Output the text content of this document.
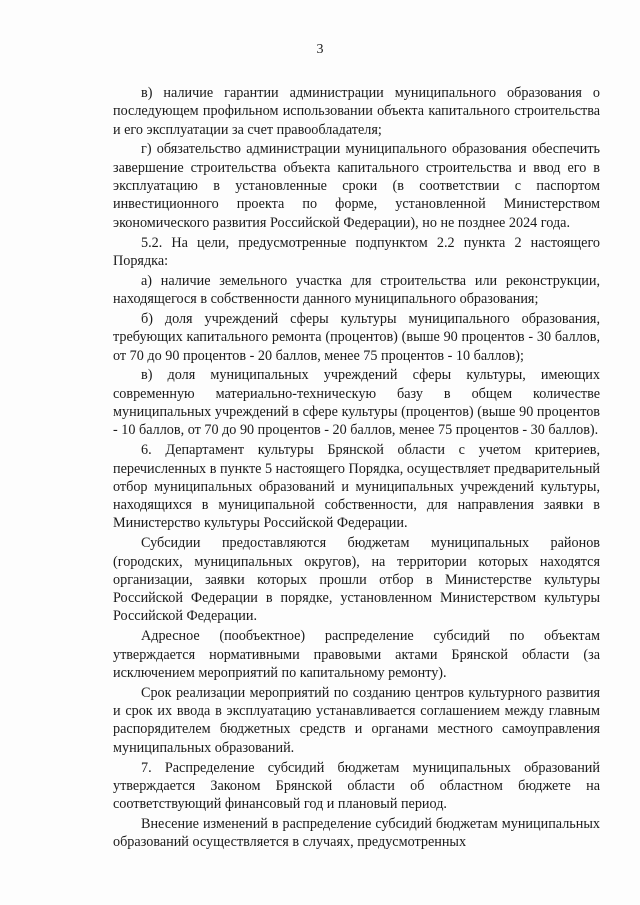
3

в) наличие гарантии администрации муниципального образования о последующем профильном использовании объекта капитального строительства и его эксплуатации за счет правообладателя;

г) обязательство администрации муниципального образования обеспечить завершение строительства объекта капитального строительства и ввод его в эксплуатацию в установленные сроки (в соответствии с паспортом инвестиционного проекта по форме, установленной Министерством экономического развития Российской Федерации), но не позднее 2024 года.

5.2. На цели, предусмотренные подпунктом 2.2 пункта 2 настоящего Порядка:

а) наличие земельного участка для строительства или реконструкции, находящегося в собственности данного муниципального образования;

б) доля учреждений сферы культуры муниципального образования, требующих капитального ремонта (процентов) (выше 90 процентов - 30 баллов, от 70 до 90 процентов - 20 баллов, менее 75 процентов - 10 баллов);

в) доля муниципальных учреждений сферы культуры, имеющих современную материально-техническую базу в общем количестве муниципальных учреждений в сфере культуры (процентов) (выше 90 процентов - 10 баллов, от 70 до 90 процентов - 20 баллов, менее 75 процентов - 30 баллов).

6. Департамент культуры Брянской области с учетом критериев, перечисленных в пункте 5 настоящего Порядка, осуществляет предварительный отбор муниципальных образований и муниципальных учреждений культуры, находящихся в муниципальной собственности, для направления заявки в Министерство культуры Российской Федерации.

Субсидии предоставляются бюджетам муниципальных районов (городских, муниципальных округов), на территории которых находятся организации, заявки которых прошли отбор в Министерстве культуры Российской Федерации в порядке, установленном Министерством культуры Российской Федерации.

Адресное (пообъектное) распределение субсидий по объектам утверждается нормативными правовыми актами Брянской области (за исключением мероприятий по капитальному ремонту).

Срок реализации мероприятий по созданию центров культурного развития и срок их ввода в эксплуатацию устанавливается соглашением между главным распорядителем бюджетных средств и органами местного самоуправления муниципальных образований.

7. Распределение субсидий бюджетам муниципальных образований утверждается Законом Брянской области об областном бюджете на соответствующий финансовый год и плановый период.

Внесение изменений в распределение субсидий бюджетам муниципальных образований осуществляется в случаях, предусмотренных
